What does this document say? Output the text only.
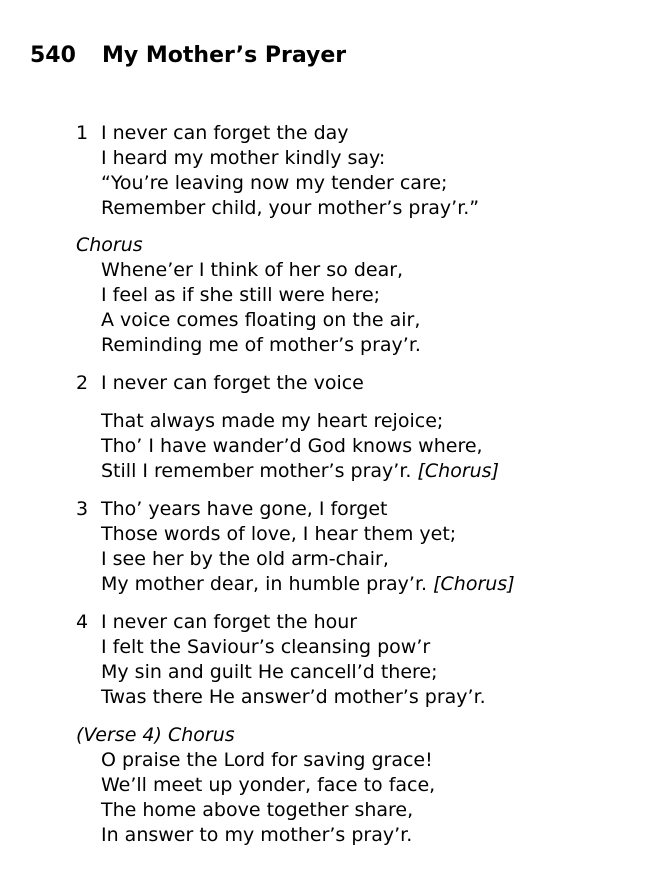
540 My Mother’s Prayer
1 I never can forget the day
I heard my mother kindly say:
“You’re leaving now my tender care;
Remember child, your mother’s pray’r.”
Chorus
Whene’er I think of her so dear,
I feel as if she still were here;
A voice comes floating on the air,
Reminding me of mother’s pray’r.
2 I never can forget the voice
That always made my heart rejoice;
Tho’ I have wander’d God knows where,
Still I remember mother’s pray’r. [Chorus]
3 Tho’ years have gone, I forget
Those words of love, I hear them yet;
I see her by the old arm-chair,
My mother dear, in humble pray’r. [Chorus]
4 I never can forget the hour
I felt the Saviour’s cleansing pow’r
My sin and guilt He cancell’d there;
Twas there He answer’d mother’s pray’r.
(Verse 4) Chorus
O praise the Lord for saving grace!
We’ll meet up yonder, face to face,
The home above together share,
In answer to my mother’s pray’r.
